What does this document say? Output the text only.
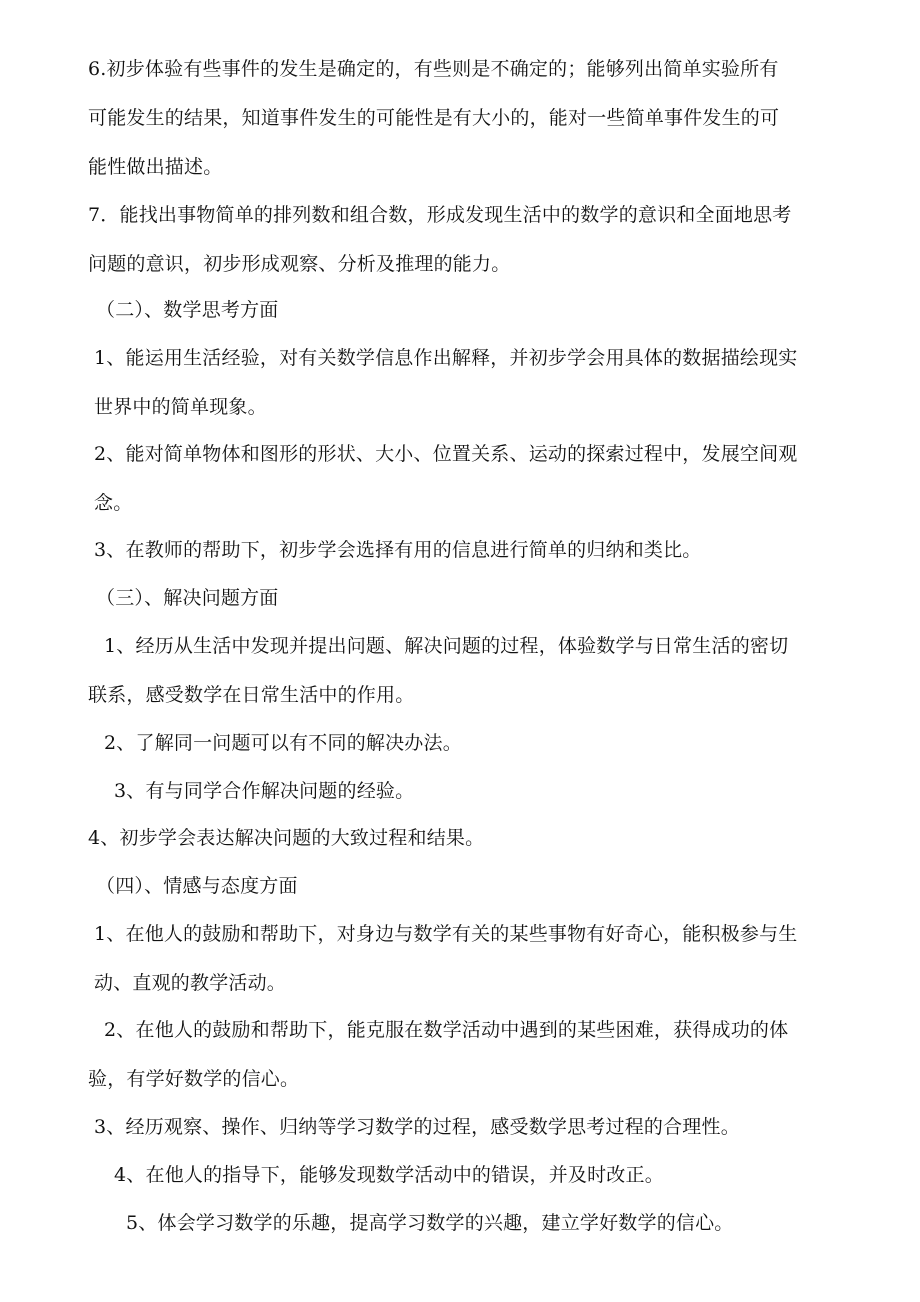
6.初步体验有些事件的发生是确定的，有些则是不确定的；能够列出简单实验所有
可能发生的结果，知道事件发生的可能性是有大小的，能对一些简单事件发生的可
能性做出描述。
7．能找出事物简单的排列数和组合数，形成发现生活中的数学的意识和全面地思考
问题的意识，初步形成观察、分析及推理的能力。
（二）、数学思考方面
1、能运用生活经验，对有关数学信息作出解释，并初步学会用具体的数据描绘现实
世界中的简单现象。
2、能对简单物体和图形的形状、大小、位置关系、运动的探索过程中，发展空间观
念。
3、在教师的帮助下，初步学会选择有用的信息进行简单的归纳和类比。
（三）、解决问题方面
1、经历从生活中发现并提出问题、解决问题的过程，体验数学与日常生活的密切
联系，感受数学在日常生活中的作用。
2、了解同一问题可以有不同的解决办法。
3、有与同学合作解决问题的经验。
4、初步学会表达解决问题的大致过程和结果。
（四）、情感与态度方面
1、在他人的鼓励和帮助下，对身边与数学有关的某些事物有好奇心，能积极参与生
动、直观的教学活动。
2、在他人的鼓励和帮助下，能克服在数学活动中遇到的某些困难，获得成功的体
验，有学好数学的信心。
3、经历观察、操作、归纳等学习数学的过程，感受数学思考过程的合理性。
4、在他人的指导下，能够发现数学活动中的错误，并及时改正。
5、体会学习数学的乐趣，提高学习数学的兴趣，建立学好数学的信心。
